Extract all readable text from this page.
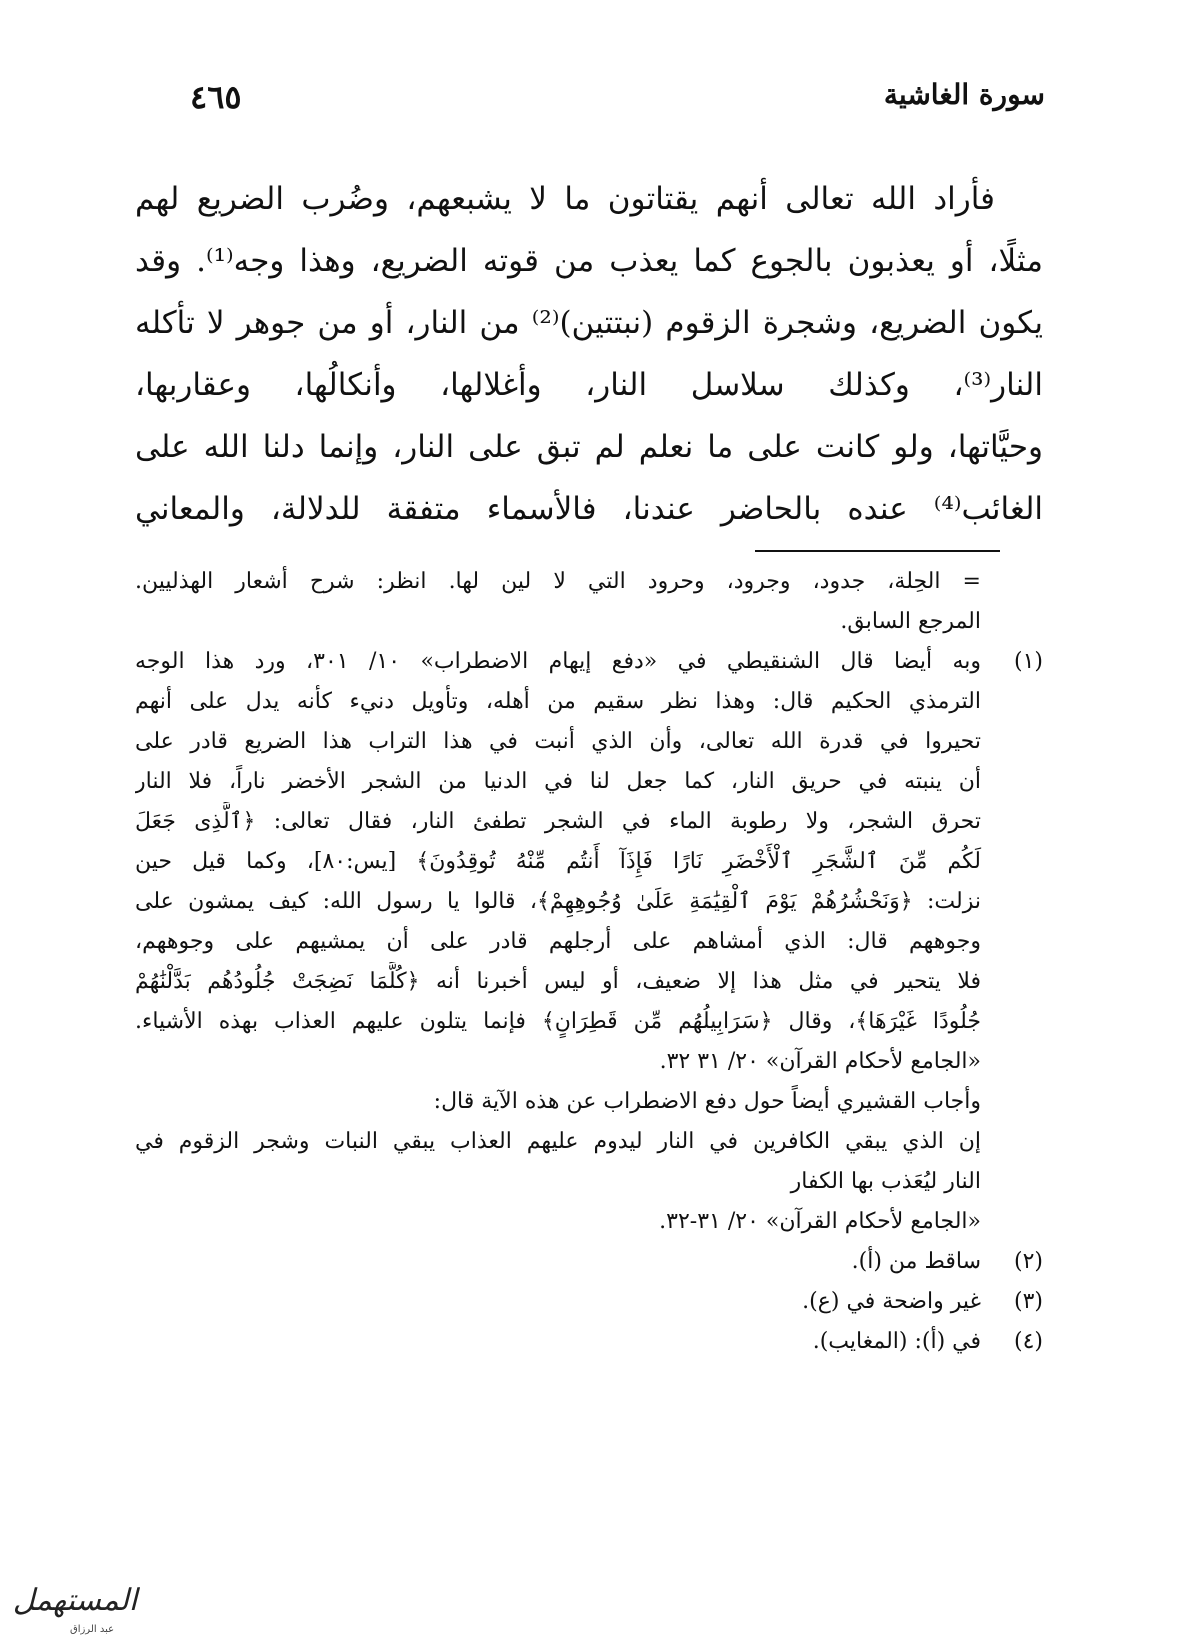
سورة الغاشية
٤٦٥
فأراد الله تعالى أنهم يقتاتون ما لا يشبعهم، وضُرب الضريع لهم
مثلًا، أو يعذبون بالجوع كما يعذب من قوته الضريع، وهذا وجه⁽¹⁾. وقد
يكون الضريع، وشجرة الزقوم (نبتتين)⁽²⁾ من النار، أو من جوهر لا تأكله
النار⁽³⁾، وكذلك سلاسل النار، وأغلالها، وأنكالُها، وعقاربها،
وحيَّاتها، ولو كانت على ما نعلم لم تبق على النار، وإنما دلنا الله على
الغائب⁽⁴⁾ عنده بالحاضر عندنا، فالأسماء متفقة للدلالة، والمعاني
= الحِلة، جدود، وجرود، وحرود التي لا لين لها. انظر: شرح أشعار الهذليين.
المرجع السابق.
(١)
وبه أيضا قال الشنقيطي في «دفع إيهام الاضطراب» ١٠/ ٣٠١، ورد هذا الوجه
الترمذي الحكيم قال: وهذا نظر سقيم من أهله، وتأويل دنيء كأنه يدل على أنهم
تحيروا في قدرة الله تعالى، وأن الذي أنبت في هذا التراب هذا الضريع قادر على
أن ينبته في حريق النار، كما جعل لنا في الدنيا من الشجر الأخضر ناراً، فلا النار
تحرق الشجر، ولا رطوبة الماء في الشجر تطفئ النار، فقال تعالى: ﴿ٱلَّذِى جَعَلَ
لَكُم مِّنَ ٱلشَّجَرِ ٱلْأَخْضَرِ نَارًا فَإِذَآ أَنتُم مِّنْهُ تُوقِدُونَ﴾ [يس:٨٠]، وكما قيل حين
نزلت: ﴿وَنَحْشُرُهُمْ يَوْمَ ٱلْقِيَٰمَةِ عَلَىٰ وُجُوهِهِمْ﴾، قالوا يا رسول الله: كيف يمشون على
وجوههم قال: الذي أمشاهم على أرجلهم قادر على أن يمشيهم على وجوههم،
فلا يتحير في مثل هذا إلا ضعيف، أو ليس أخبرنا أنه ﴿كُلَّمَا نَضِجَتْ جُلُودُهُم بَدَّلْنَٰهُمْ
جُلُودًا غَيْرَهَا﴾، وقال ﴿سَرَابِيلُهُم مِّن قَطِرَانٍ﴾ فإنما يتلون عليهم العذاب بهذه الأشياء.
«الجامع لأحكام القرآن» ٢٠/ ٣١ ٣٢.
وأجاب القشيري أيضاً حول دفع الاضطراب عن هذه الآية قال:
إن الذي يبقي الكافرين في النار ليدوم عليهم العذاب يبقي النبات وشجر الزقوم في
النار ليُعَذب بها الكفار
«الجامع لأحكام القرآن» ٢٠/ ٣١-٣٢.
(٢)
ساقط من (أ).
(٣)
غير واضحة في (ع).
(٤)
في (أ): (المغايب).
المستهمل
عبد الرزاق
